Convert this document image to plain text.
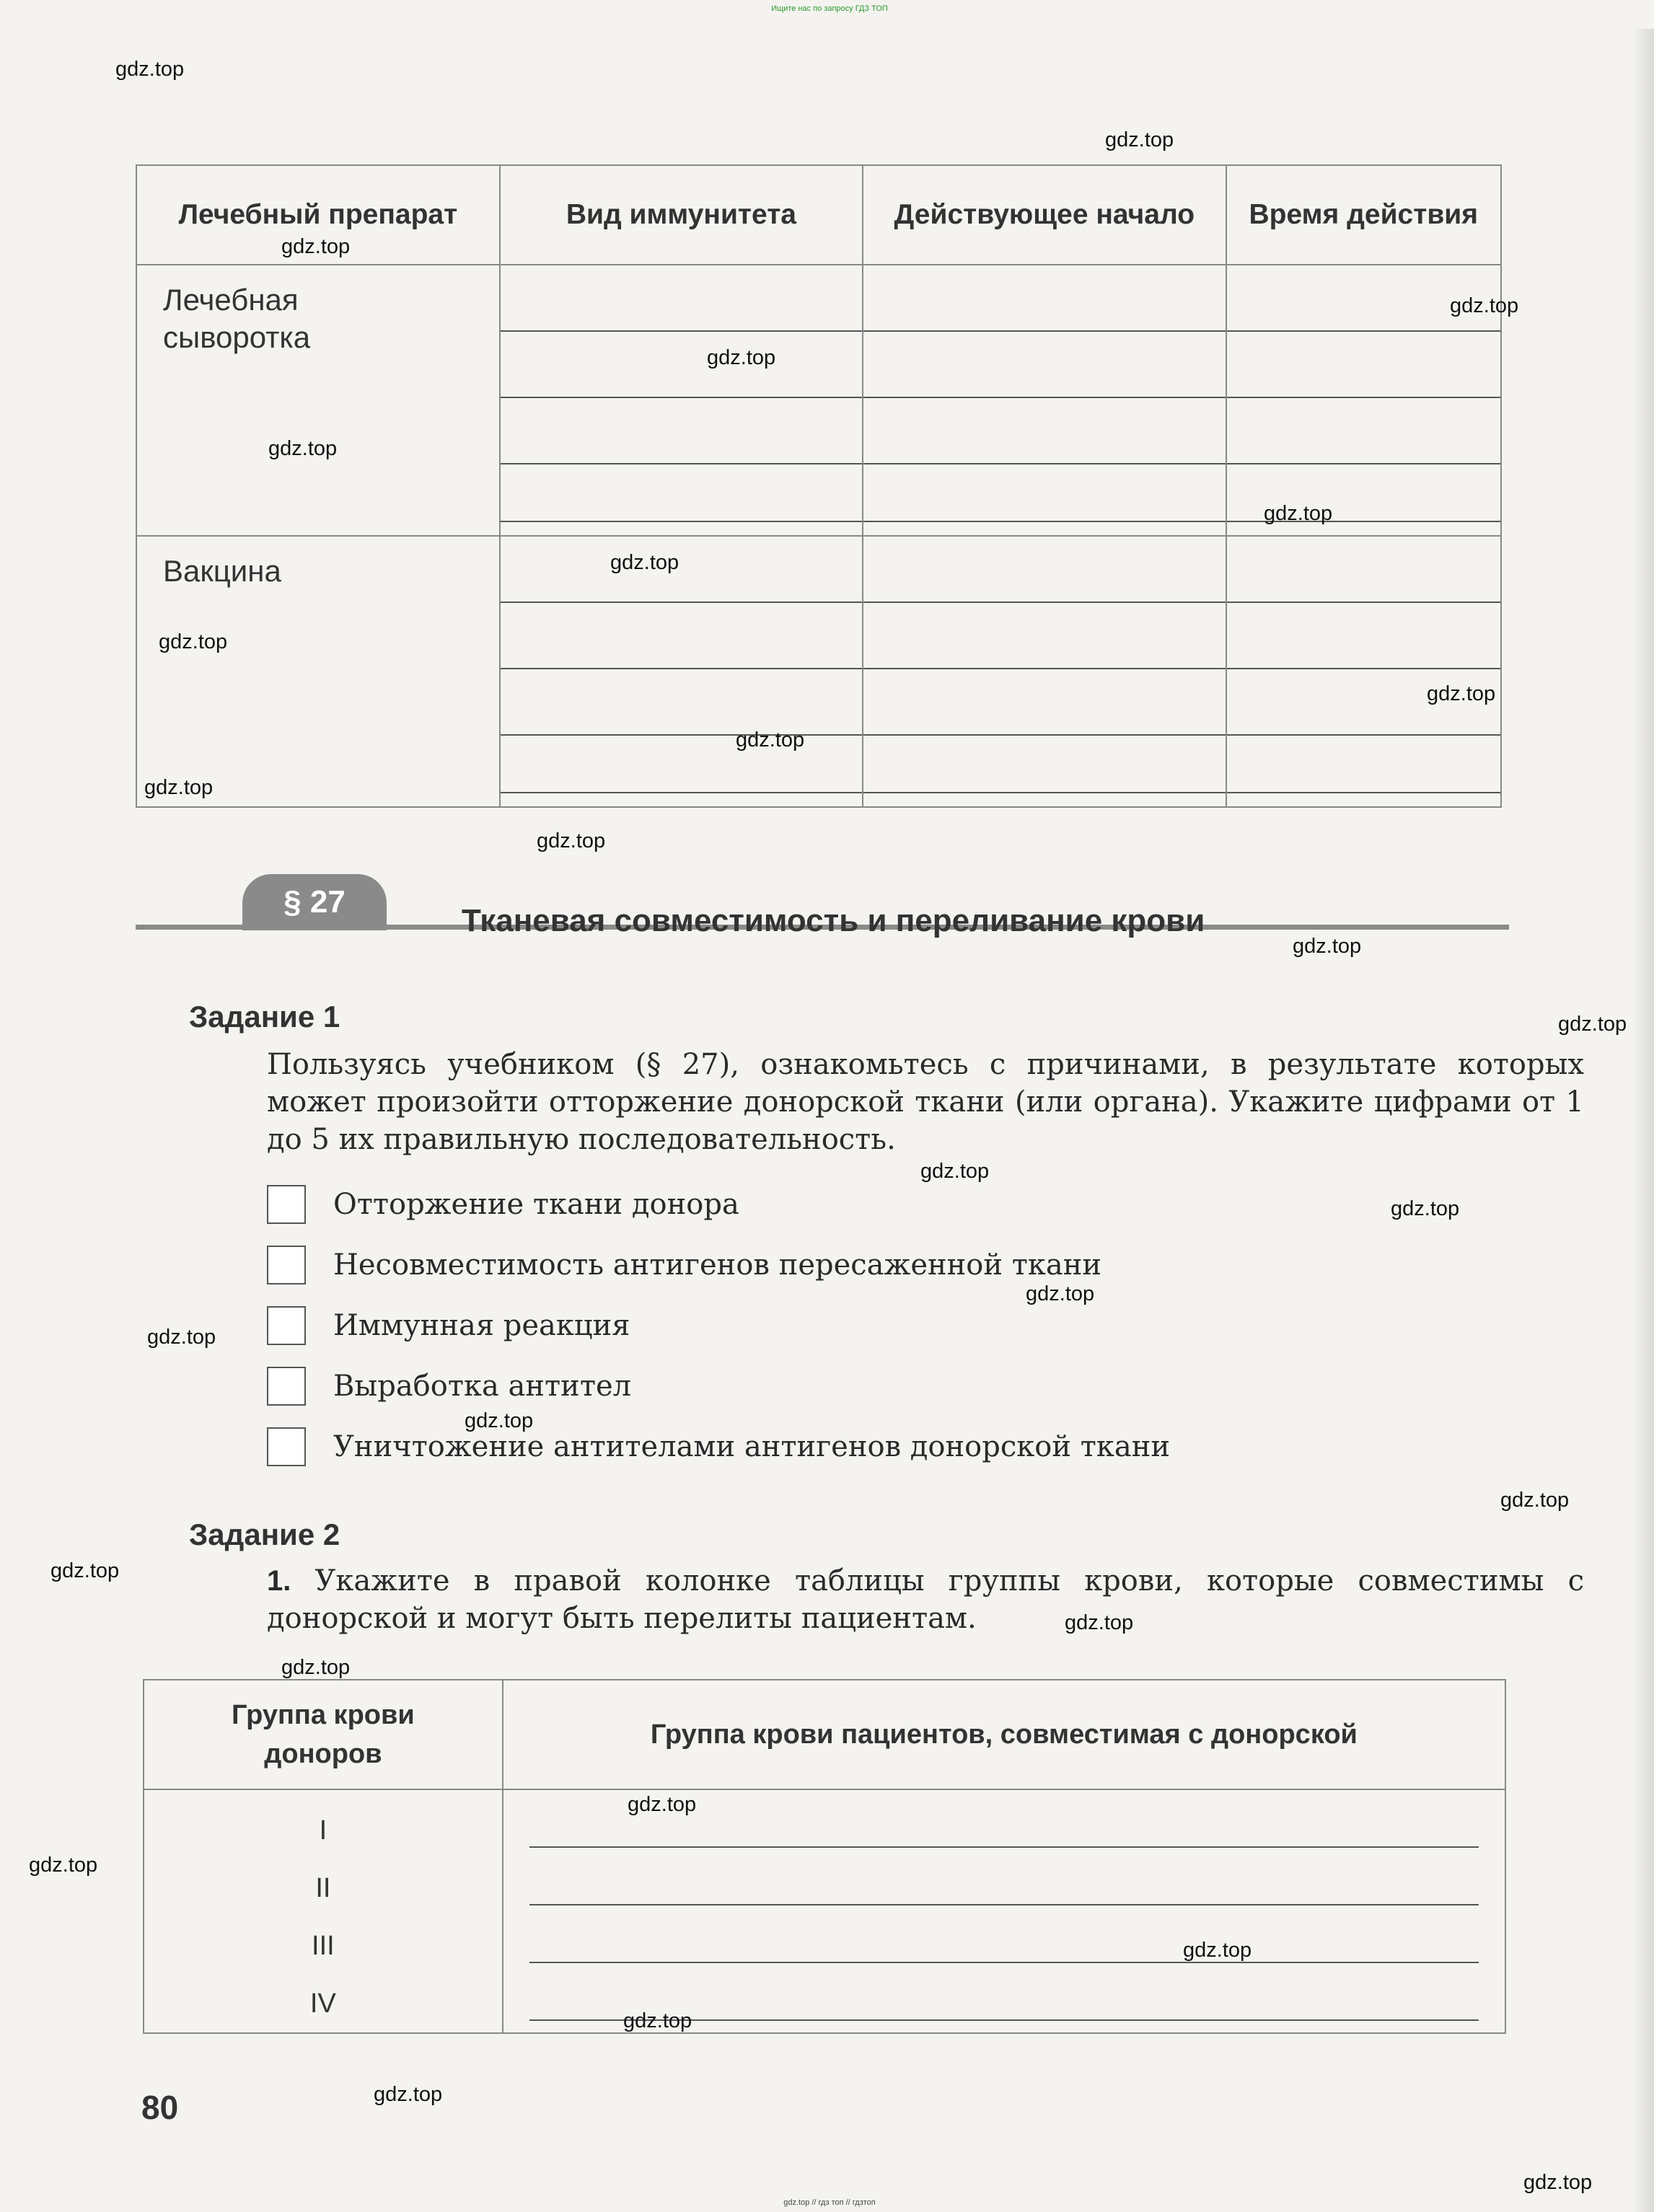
Ищите нас по запросу ГДЗ ТОП
Лечебный препарат	Вид иммунитета	Действующее начало	Время действия
Лечебная сыворотка	

Вакцина	

§ 27
Тканевая совместимость и переливание крови
Задание 1
Пользуясь учебником (§ 27), ознакомьтесь с причинами, в результате которых может произойти отторжение донорской ткани (или органа). Укажите цифрами от 1 до 5 их правильную последовательность.
Отторжение ткани донора
Несовместимость антигенов пересаженной ткани
Иммунная реакция
Выработка антител
Уничтожение антителами антигенов донорской ткани
Задание 2
1. Укажите в правой колонке таблицы группы крови, которые совместимы с донорской и могут быть перелиты пациентам.
Группа крови доноров	Группа крови пациентов, совместимая с донорской

I
II
III
IV	

80
gdz.top // гдз топ // гдзтоп
gdz.top
gdz.top
gdz.top
gdz.top
gdz.top
gdz.top
gdz.top
gdz.top
gdz.top
gdz.top
gdz.top
gdz.top
gdz.top
gdz.top
gdz.top
gdz.top
gdz.top
gdz.top
gdz.top
gdz.top
gdz.top
gdz.top
gdz.top
gdz.top
gdz.top
gdz.top
gdz.top
gdz.top
gdz.top
gdz.top
